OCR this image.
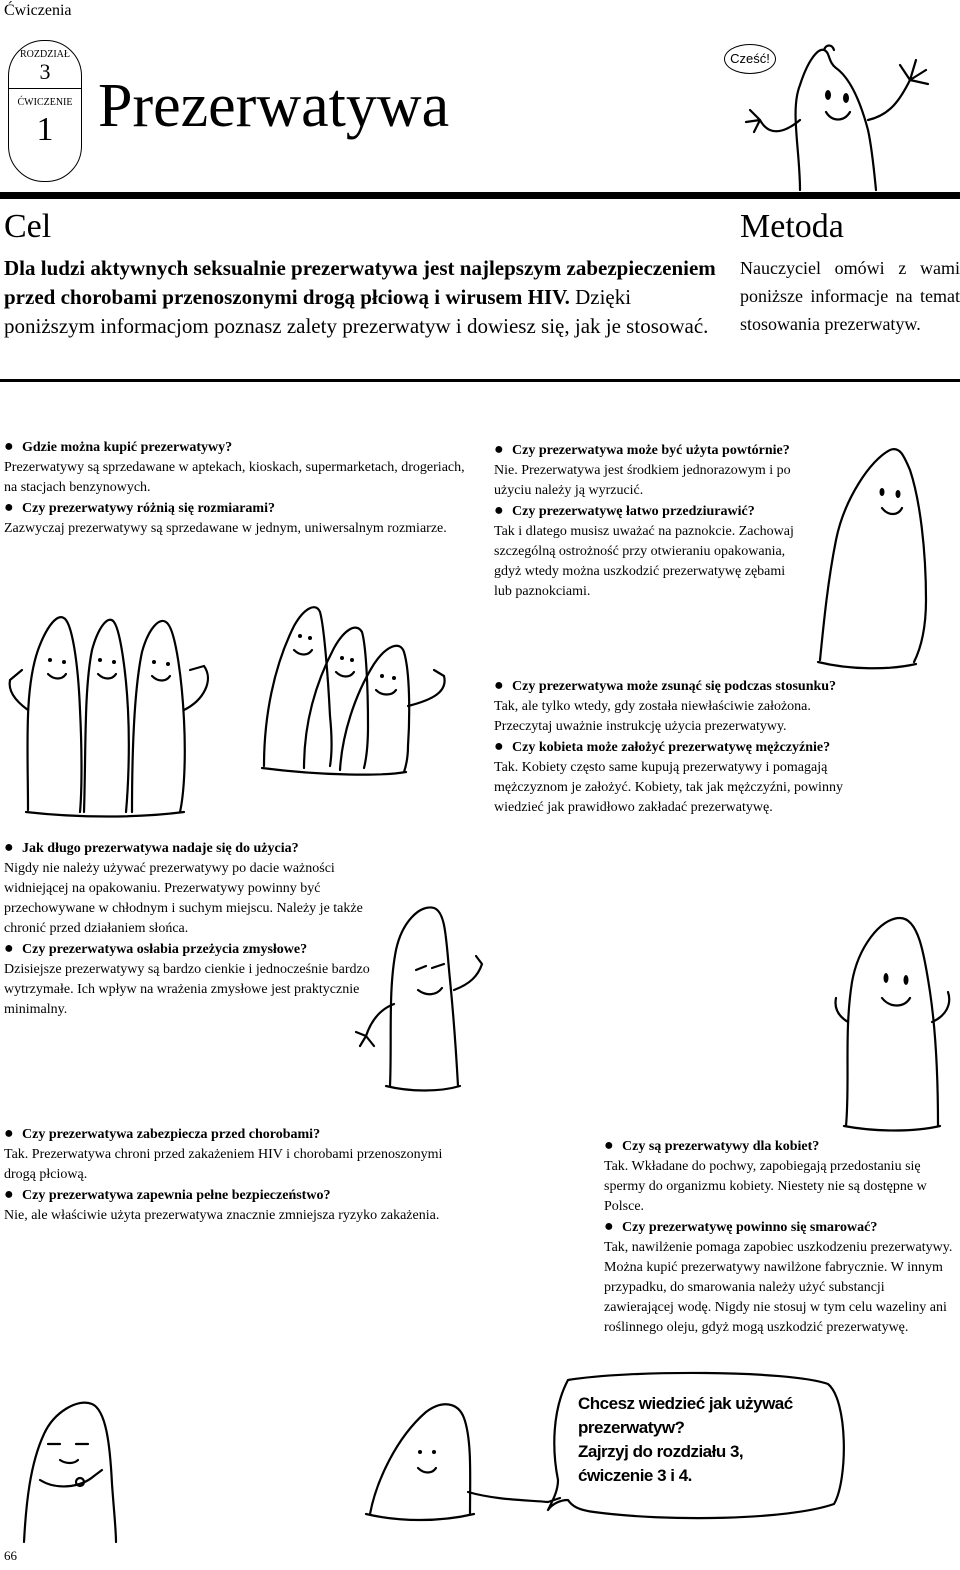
Ćwiczenia
ROZDZIAŁ
3
ĆWICZENIE
1 Prezerwatywa
Cześć!
Cel
Dla ludzi aktywnych seksualnie prezerwatywa jest najlepszym zabezpieczeniem przed chorobami przenoszonymi drogą płciową i wirusem HIV. Dzięki poniższym informacjom poznasz zalety prezerwatyw i dowiesz się, jak je stosować.
Metoda
Nauczyciel omówi z wami poniższe informacje na temat stosowania prezerwatyw.
● Gdzie można kupić prezerwatywy?
Prezerwatywy są sprzedawane w aptekach, kioskach, supermarketach, drogeriach, na stacjach benzynowych.
● Czy prezerwatywy różnią się rozmiarami?
Zazwyczaj prezerwatywy są sprzedawane w jednym, uniwersalnym rozmiarze.
● Czy prezerwatywa może być użyta powtórnie?
Nie. Prezerwatywa jest środkiem jednorazowym i po użyciu należy ją wyrzucić.
● Czy prezerwatywę łatwo przedziurawić?
Tak i dlatego musisz uważać na paznokcie. Zachowaj szczególną ostrożność przy otwieraniu opakowania, gdyż wtedy można uszkodzić prezerwatywę zębami lub paznokciami.
● Czy prezerwatywa może zsunąć się podczas stosunku?
Tak, ale tylko wtedy, gdy została niewłaściwie założona. Przeczytaj uważnie instrukcję użycia prezerwatywy.
● Czy kobieta może założyć prezerwatywę mężczyźnie?
Tak. Kobiety często same kupują prezerwatywy i pomagają mężczyznom je założyć. Kobiety, tak jak mężczyźni, powinny wiedzieć jak prawidłowo zakładać prezerwatywę.
● Jak długo prezerwatywa nadaje się do użycia?
Nigdy nie należy używać prezerwatywy po dacie ważności widniejącej na opakowaniu. Prezerwatywy powinny być przechowywane w chłodnym i suchym miejscu. Należy je także chronić przed działaniem słońca.
● Czy prezerwatywa osłabia przeżycia zmysłowe?
Dzisiejsze prezerwatywy są bardzo cienkie i jednocześnie bardzo wytrzymałe. Ich wpływ na wrażenia zmysłowe jest praktycznie minimalny.
● Czy prezerwatywa zabezpiecza przed chorobami?
Tak. Prezerwatywa chroni przed zakażeniem HIV i chorobami przenoszonymi drogą płciową.
● Czy prezerwatywa zapewnia pełne bezpieczeństwo?
Nie, ale właściwie użyta prezerwatywa znacznie zmniejsza ryzyko zakażenia.
● Czy są prezerwatywy dla kobiet?
Tak. Wkładane do pochwy, zapobiegają przedostaniu się spermy do organizmu kobiety. Niestety nie są dostępne w Polsce.
● Czy prezerwatywę powinno się smarować?
Tak, nawilżenie pomaga zapobiec uszkodzeniu prezerwatywy. Można kupić prezerwatywy nawilżone fabrycznie. W innym przypadku, do smarowania należy użyć substancji zawierającej wodę. Nigdy nie stosuj w tym celu wazeliny ani roślinnego oleju, gdyż mogą uszkodzić prezerwatywę.
Chcesz wiedzieć jak używać prezerwatyw?
Zajrzyj do rozdziału 3, ćwiczenie 3 i 4.
66
